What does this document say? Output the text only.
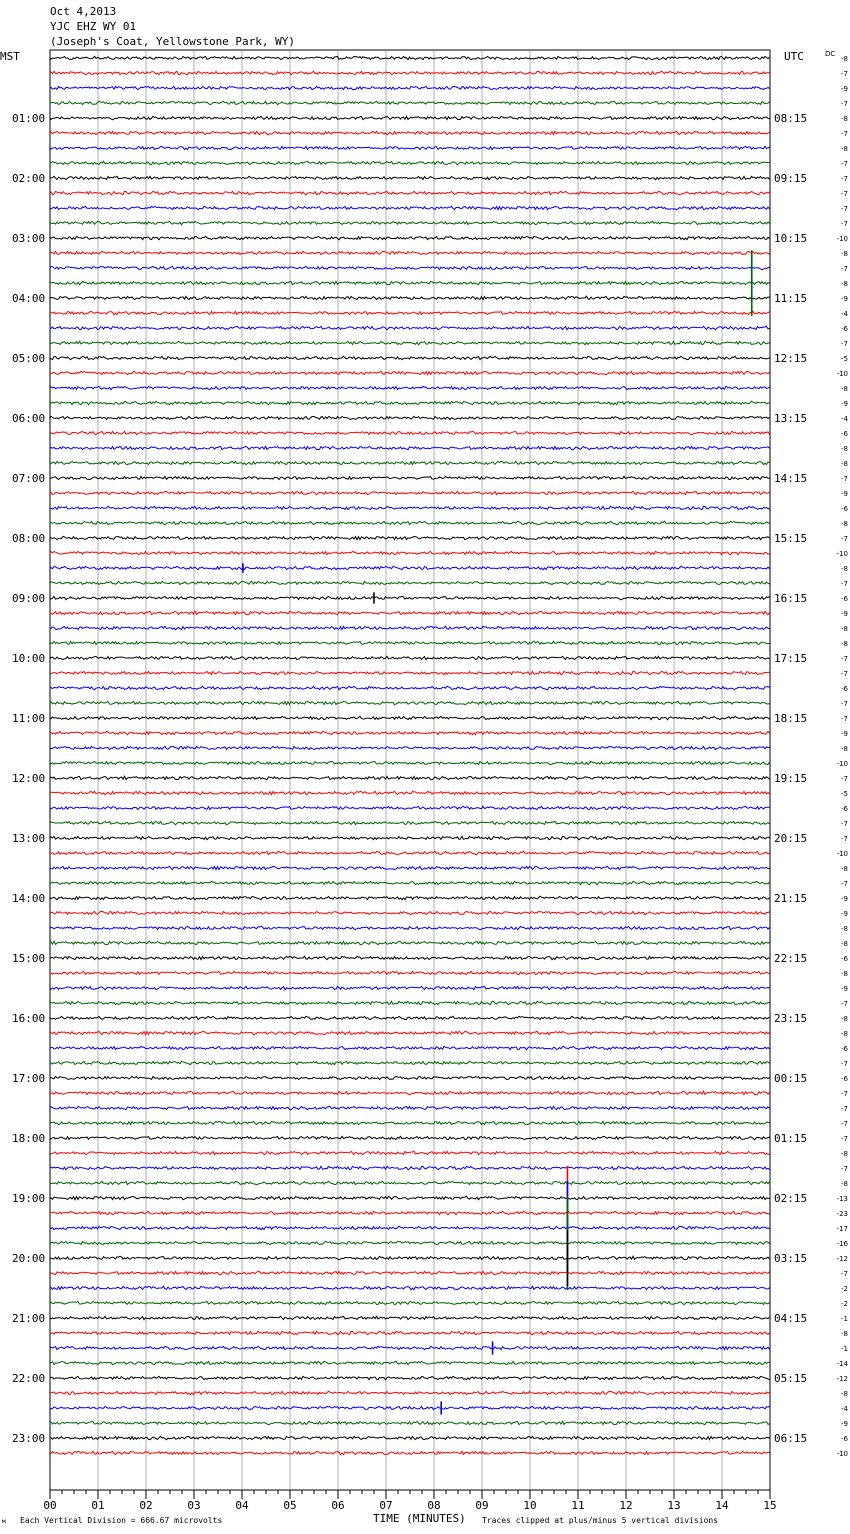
Oct 4,2013
YJC EHZ WY 01
(Joseph's Coat, Yellowstone Park, WY)
MST	UTC	DC
01:00
02:00
03:00
04:00
05:00
06:00
07:00
08:00
09:00
10:00
11:00
12:00
13:00
14:00
15:00
16:00
17:00
18:00
19:00
20:00
21:00
22:00
23:00
08:15
09:15
10:15
11:15
12:15
13:15
14:15
15:15
16:15
17:15
18:15
19:15
20:15
21:15
22:15
23:15
00:15
01:15
02:15
03:15
04:15
05:15
06:15
-8
-7
-9
-7
-8
-7
-8
-7
-7
-7
-7
-7
-10
-8
-7
-8
-9
-4
-6
-7
-5
-10
-8
-9
-4
-6
-8
-8
-7
-9
-6
-8
-7
-10
-8
-7
-6
-9
-8
-8
-7
-7
-6
-7
-7
-9
-8
-10
-7
-5
-6
-7
-7
-10
-8
-7
-9
-9
-8
-8
-6
-8
-9
-7
-8
-8
-6
-7
-6
-7
-7
-7
-7
-8
-7
-8
-13
-23
-17
-16
-12
-7
-2
-2
-1
-8
-1
-14
-12
-8
-4
-9
-6
-10
00	01	02	03	04	05	06	07	08	09	10	11	12	13	14	15
м Each Vertical Division = 666.67 microvolts	TIME (MINUTES) Traces clipped at plus/minus 5 vertical divisions
